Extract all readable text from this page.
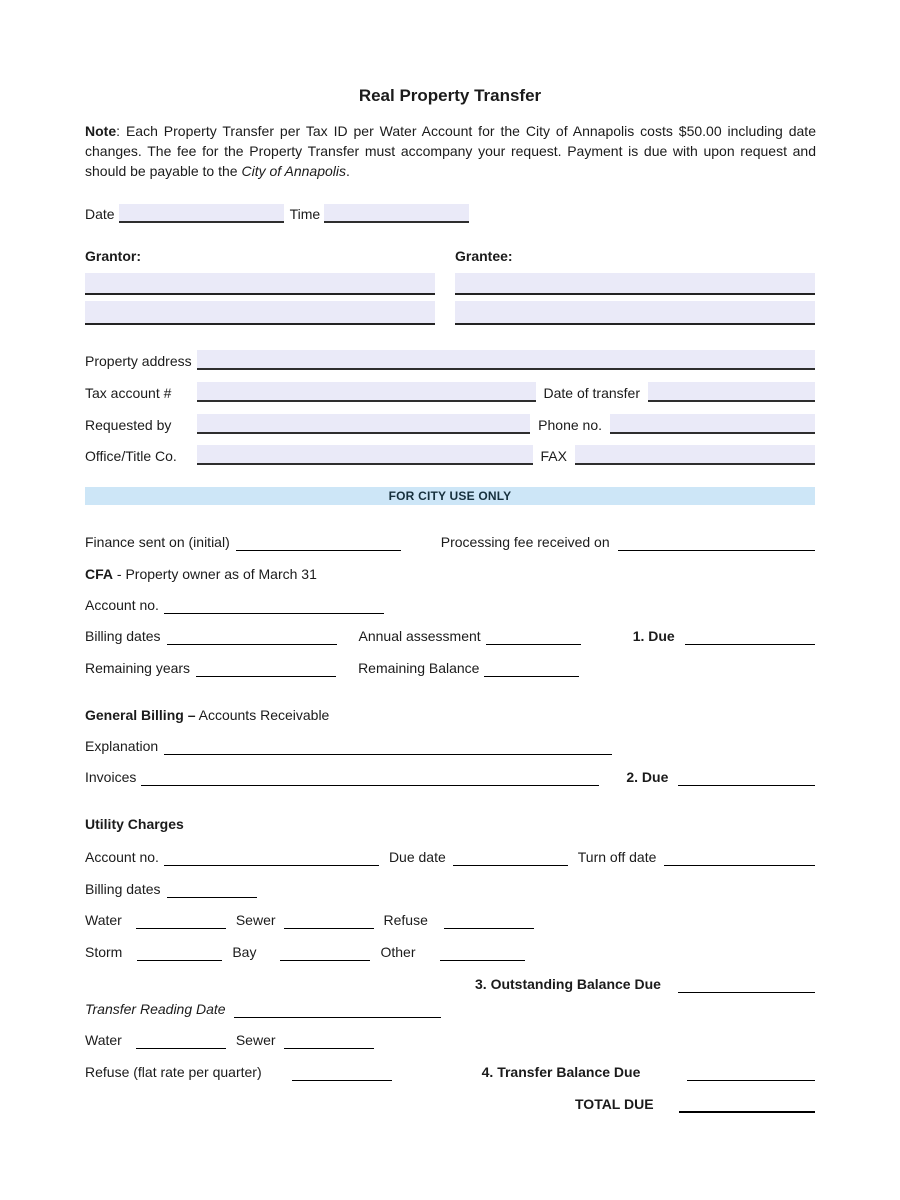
Real Property Transfer

Note: Each Property Transfer per Tax ID per Water Account for the City of Annapolis costs $50.00 including date changes. The fee for the Property Transfer must accompany your request. Payment is due with upon request and should be payable to the City of Annapolis.

Date	Time
Grantor:	Grantee:
Property address
Tax account #	Date of transfer
Requested by	Phone no.
Office/Title Co.	FAX
FOR CITY USE ONLY
Finance sent on (initial)	Processing fee received on
CFA - Property owner as of March 31
Account no.
Billing dates	Annual assessment	1. Due
Remaining years	Remaining Balance
General Billing – Accounts Receivable
Explanation
Invoices	2. Due
Utility Charges
Account no.	Due date	Turn off date
Billing dates
Water	Sewer	Refuse
Storm	Bay	Other
3. Outstanding Balance Due
Transfer Reading Date
Water	Sewer
Refuse (flat rate per quarter)	4. Transfer Balance Due
TOTAL DUE
